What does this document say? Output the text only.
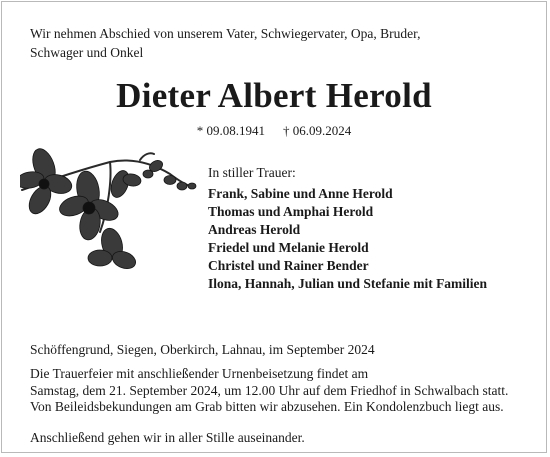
Wir nehmen Abschied von unserem Vater, Schwiegervater, Opa, Bruder,
Schwager und Onkel

Dieter Albert Herold
* 09.08.1941 † 06.09.2024
In stiller Trauer:
Frank, Sabine und Anne Herold
Thomas und Amphai Herold
Andreas Herold
Friedel und Melanie Herold
Christel und Rainer Bender
Ilona, Hannah, Julian und Stefanie mit Familien
Schöffengrund, Siegen, Oberkirch, Lahnau, im September 2024

Die Trauerfeier mit anschließender Urnenbeisetzung findet am
Samstag, dem 21. September 2024, um 12.00 Uhr auf dem Friedhof in Schwalbach statt.
Von Beileidsbekundungen am Grab bitten wir abzusehen. Ein Kondolenzbuch liegt aus.

Anschließend gehen wir in aller Stille auseinander.
